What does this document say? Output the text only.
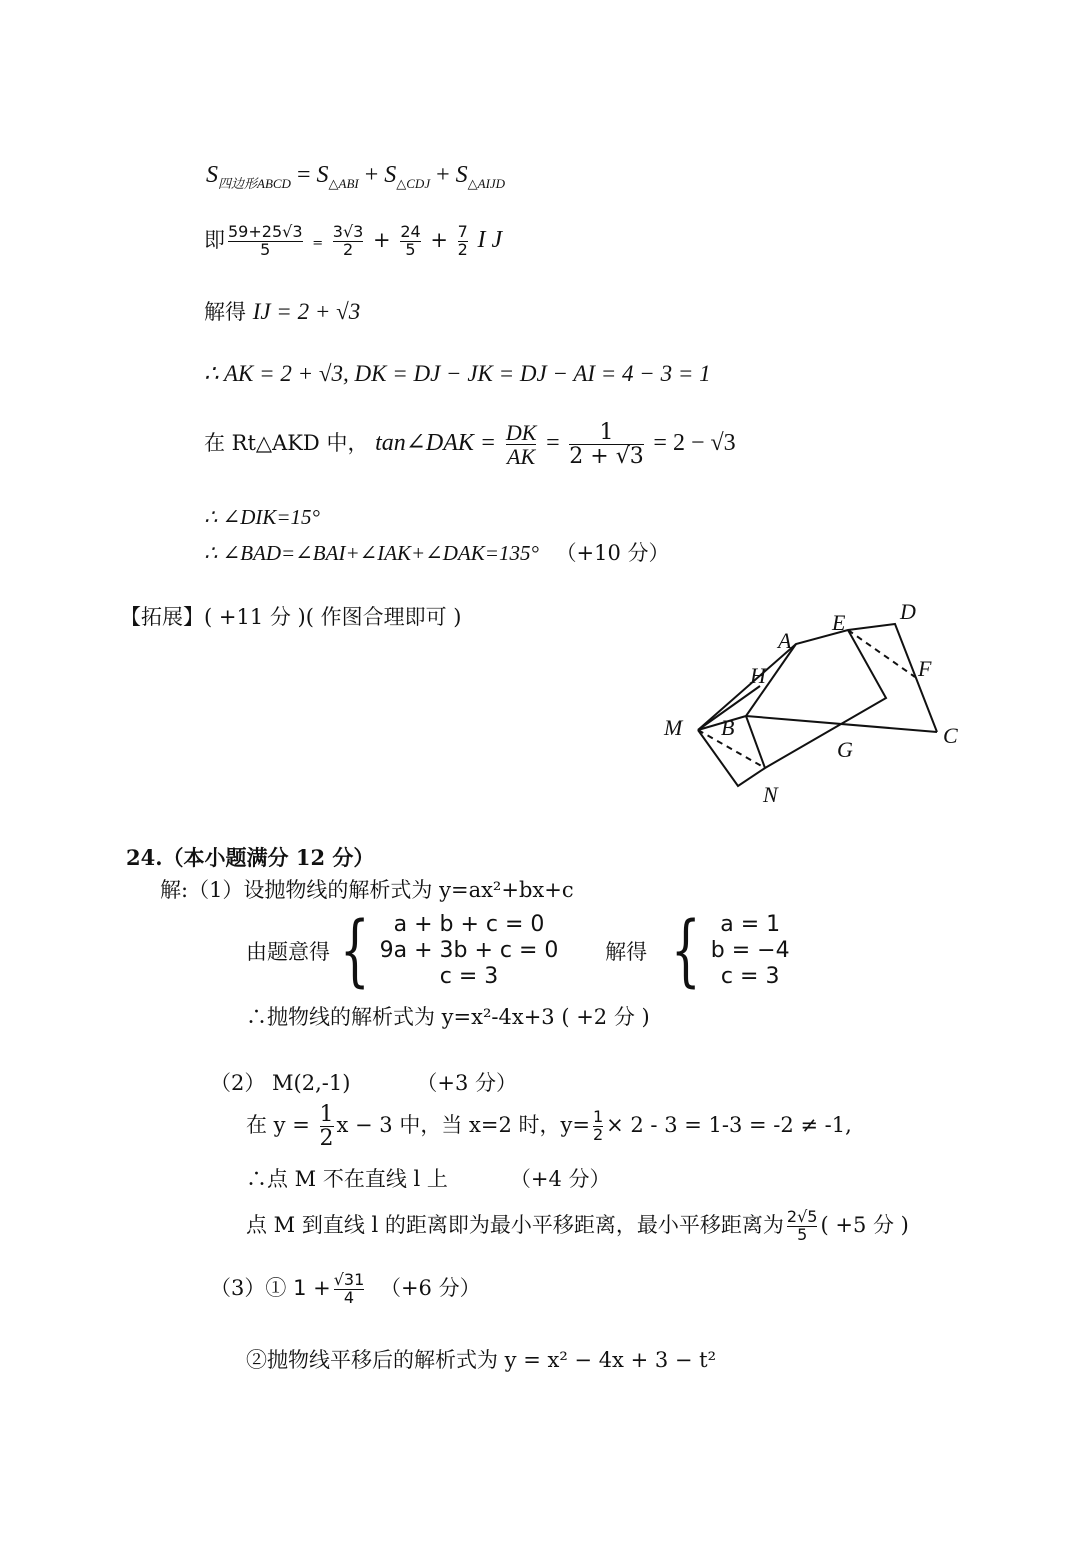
$S_{四边形ABCD} = S_{\triangle ABI} + S_{\triangle CDJ} + S_{\triangle AIJD}$
即 $\frac{59+25√3}{5} = \frac{3√3}{2} + \frac{24}{5} + \frac{7}{2}$ I J
解得 IJ = 2 + √3
∴ AK = 2 + √3, DK = DJ − JK = DJ − AI = 4 − 3 = 1
在 Rt△AKD 中， tan∠DAK = $\frac{DK}{AK} = \frac{1}{2 + √3} = 2 - √3$
∴ ∠DIK=15°
∴ ∠BAD=∠BAI+∠IAK+∠DAK=135° （+10 分）
【拓展】( +11 分 )( 作图合理即可 )
A
E D
H	F
M B	C
G
N
24.（本小题满分 12 分）
解:（1）设抛物线的解析式为 y=ax²+bx+c
由题意得 {	a + b + c = 0
9a + 3b + c = 0
c = 3
解得 { a = 1
b = −4
c = 3
∴抛物线的解析式为 y=x²-4x+3 ( +2 分 )
（2） M(2,-1)	（+3 分）
在 $y = \frac{1}{2}$ x − 3 中，当 x=2 时，$y= \frac{1}{2} \times 2 - 3 = 1-3 = -2 \ne -1$,
∴点 M 不在直线 l 上	（+4 分）
点 M 到直线 l 的距离即为最小平移距离，最小平移距离为 $\frac{2√5}{5}$ ( +5 分 )
（3）① $1 + \frac{√31}{4} (+6$ 分）
②抛物线平移后的解析式为 y = x² − 4x + 3 − t²
